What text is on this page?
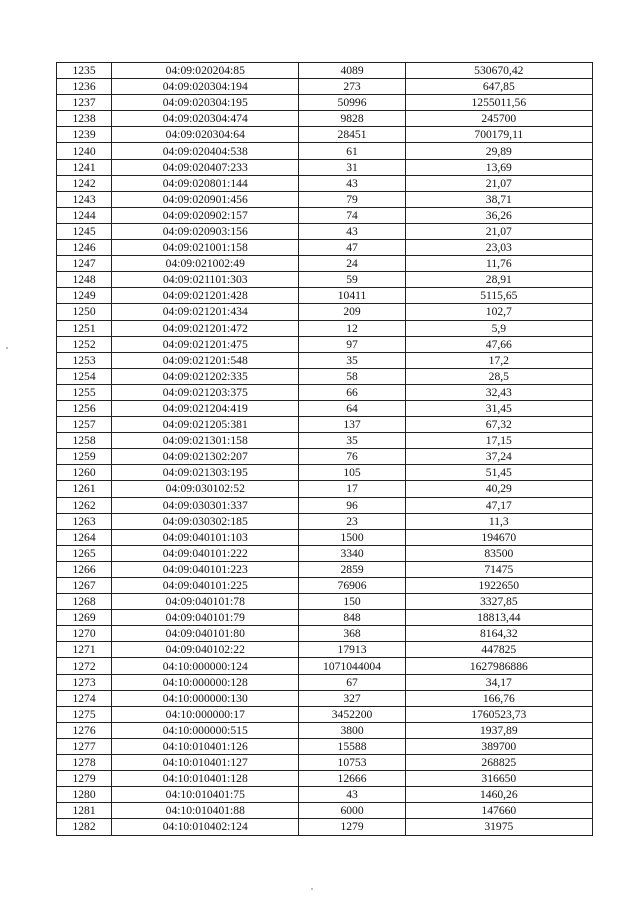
1235	04:09:020204:85	4089	530670,42
1236	04:09:020304:194	273	647,85
1237	04:09:020304:195	50996	1255011,56
1238	04:09:020304:474	9828	245700
1239	04:09:020304:64	28451	700179,11
1240	04:09:020404:538	61	29,89
1241	04:09:020407:233	31	13,69
1242	04:09:020801:144	43	21,07
1243	04:09:020901:456	79	38,71
1244	04:09:020902:157	74	36,26
1245	04:09:020903:156	43	21,07
1246	04:09:021001:158	47	23,03
1247	04:09:021002:49	24	11,76
1248	04:09:021101:303	59	28,91
1249	04:09:021201:428	10411	5115,65
1250	04:09:021201:434	209	102,7
1251	04:09:021201:472	12	5,9
1252	04:09:021201:475	97	47,66
1253	04:09:021201:548	35	17,2
1254	04:09:021202:335	58	28,5
1255	04:09:021203:375	66	32,43
1256	04:09:021204:419	64	31,45
1257	04:09:021205:381	137	67,32
1258	04:09:021301:158	35	17,15
1259	04:09:021302:207	76	37,24
1260	04:09:021303:195	105	51,45
1261	04:09:030102:52	17	40,29
1262	04:09:030301:337	96	47,17
1263	04:09:030302:185	23	11,3
1264	04:09:040101:103	1500	194670
1265	04:09:040101:222	3340	83500
1266	04:09:040101:223	2859	71475
1267	04:09:040101:225	76906	1922650
1268	04:09:040101:78	150	3327,85
1269	04:09:040101:79	848	18813,44
1270	04:09:040101:80	368	8164,32
1271	04:09:040102:22	17913	447825
1272	04:10:000000:124	1071044004	1627986886
1273	04:10:000000:128	67	34,17
1274	04:10:000000:130	327	166,76
1275	04:10:000000:17	3452200	1760523,73
1276	04:10:000000:515	3800	1937,89
1277	04:10:010401:126	15588	389700
1278	04:10:010401:127	10753	268825
1279	04:10:010401:128	12666	316650
1280	04:10:010401:75	43	1460,26
1281	04:10:010401:88	6000	147660
1282	04:10:010402:124	1279	31975
